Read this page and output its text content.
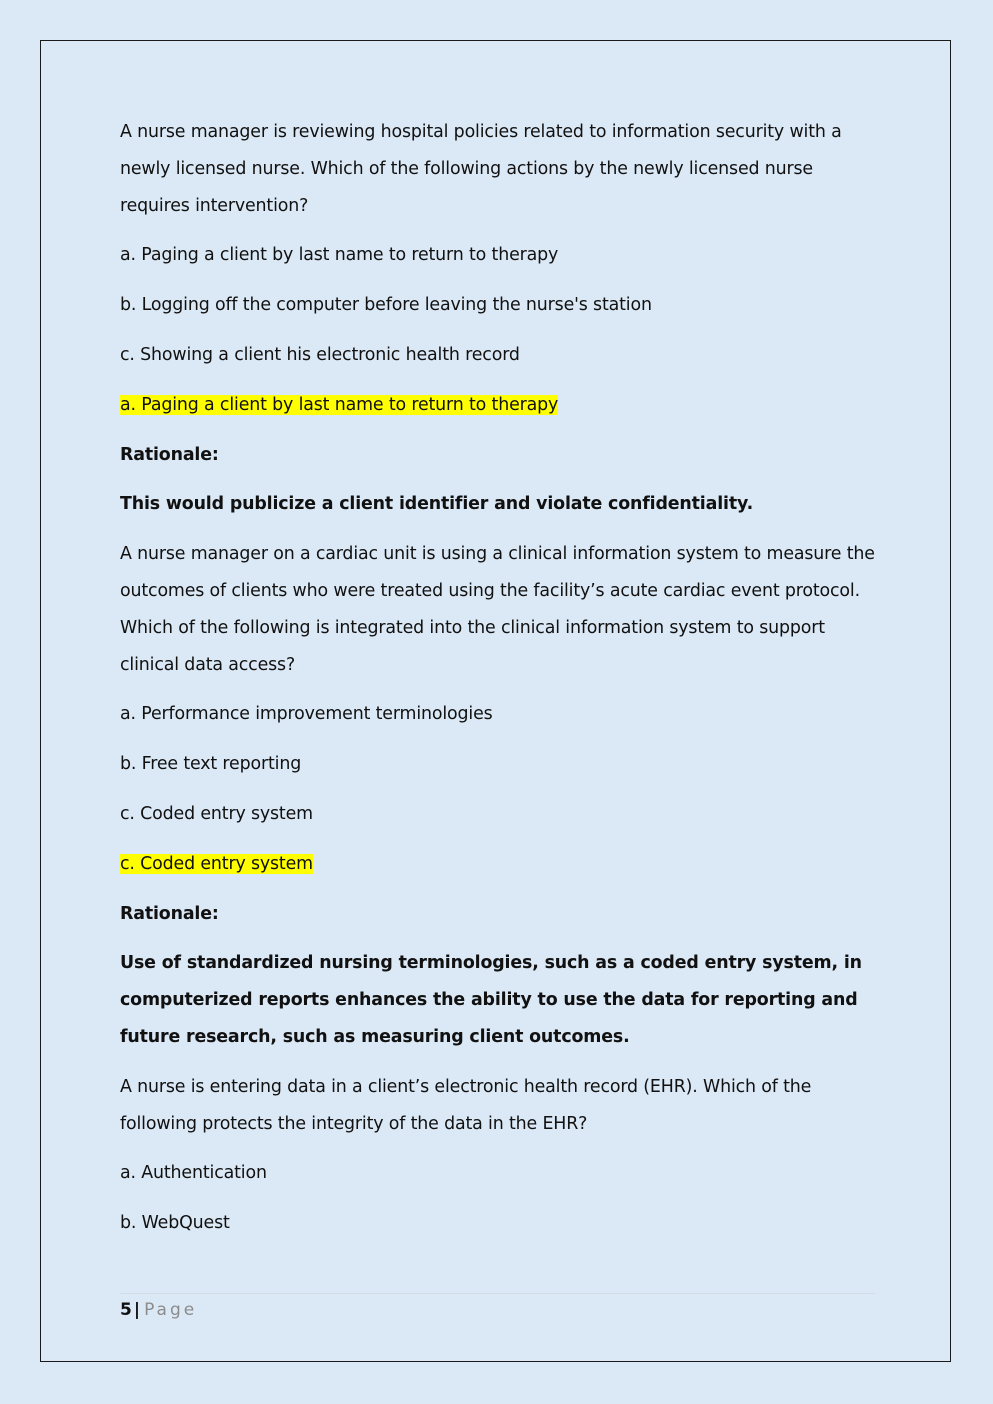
A nurse manager is reviewing hospital policies related to information security with a newly licensed nurse. Which of the following actions by the newly licensed nurse requires intervention?

a. Paging a client by last name to return to therapy

b. Logging off the computer before leaving the nurse's station

c. Showing a client his electronic health record

a. Paging a client by last name to return to therapy

Rationale:

This would publicize a client identifier and violate confidentiality.

A nurse manager on a cardiac unit is using a clinical information system to measure the outcomes of clients who were treated using the facility’s acute cardiac event protocol. Which of the following is integrated into the clinical information system to support clinical data access?

a. Performance improvement terminologies

b. Free text reporting

c. Coded entry system

c. Coded entry system

Rationale:

Use of standardized nursing terminologies, such as a coded entry system, in computerized reports enhances the ability to use the data for reporting and future research, such as measuring client outcomes.

A nurse is entering data in a client’s electronic health record (EHR). Which of the following protects the integrity of the data in the EHR?

a. Authentication

b. WebQuest

5 | Page
